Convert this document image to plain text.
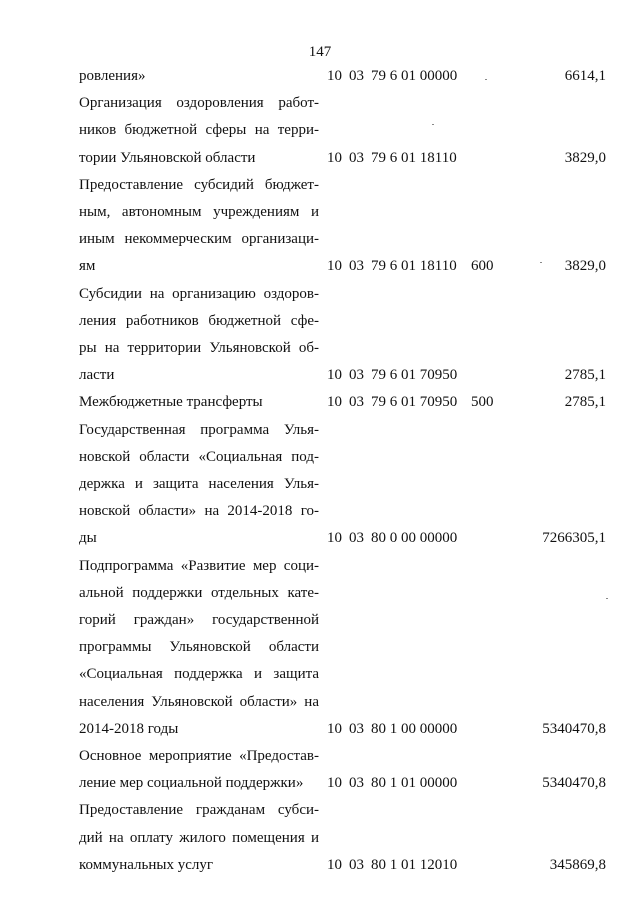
147
ровления»	10 03 79 6 01 00000	6614,1
Организация оздоровления работ-
ников бюджетной сферы на терри-
тории Ульяновской области	10 03 79 6 01 18110	3829,0
Предоставление субсидий бюджет-
ным, автономным учреждениям и
иным некоммерческим организаци-
ям	10 03 79 6 01 18110 600	3829,0
Субсидии на организацию оздоров-
ления работников бюджетной сфе-
ры на территории Ульяновской об-
ласти	10 03 79 6 01 70950	2785,1
Межбюджетные трансферты	10 03 79 6 01 70950 500	2785,1
Государственная программа Улья-
новской области «Социальная под-
держка и защита населения Улья-
новской области» на 2014-2018 го-
ды	10 03 80 0 00 00000	7266305,1
Подпрограмма «Развитие мер соци-
альной поддержки отдельных кате-
горий граждан» государственной
программы Ульяновской области
«Социальная поддержка и защита
населения Ульяновской области» на
2014-2018 годы	10 03 80 1 00 00000	5340470,8
Основное мероприятие «Предостав-
ление мер социальной поддержки»	10 03 80 1 01 00000	5340470,8
Предоставление гражданам субси-
дий на оплату жилого помещения и
коммунальных услуг	10 03 80 1 01 12010	345869,8
